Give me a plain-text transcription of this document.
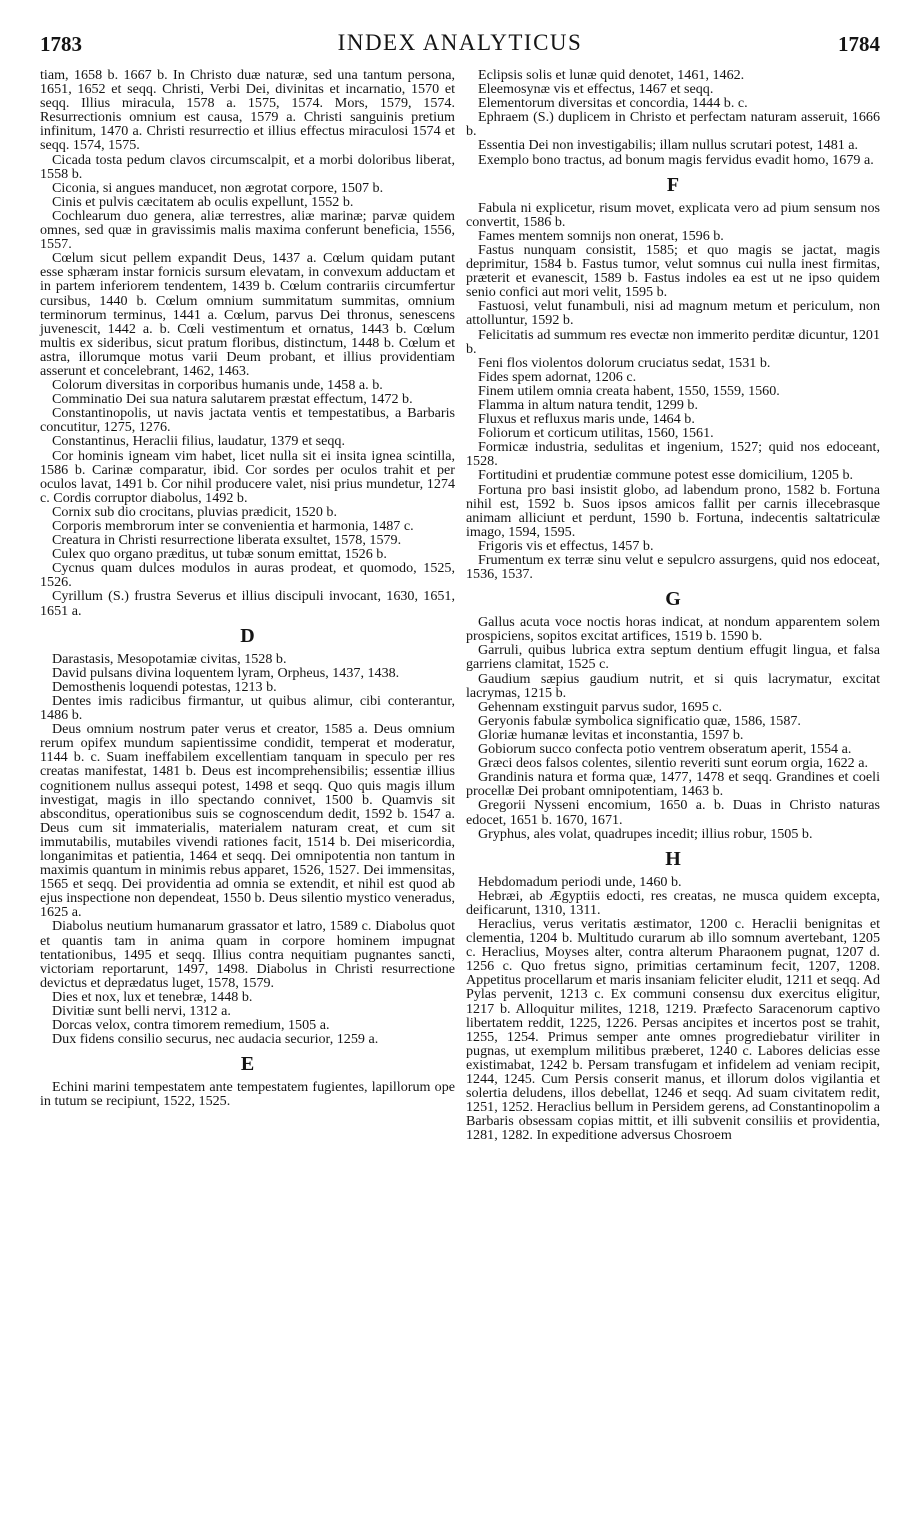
1783	INDEX ANALYTICUS	1784
tiam, 1658 b. 1667 b. In Christo duæ naturæ, sed una tantum persona, 1651, 1652 et seqq. Christi, Verbi Dei, divinitas et incarnatio, 1570 et seqq. Illius miracula, 1578 a. 1575, 1574. Mors, 1579, 1574. Resurrectionis omnium est causa, 1579 a. Christi sanguinis pretium infinitum, 1470 a. Christi resurrectio et illius effectus miraculosi 1574 et seqq. 1574, 1575.
Cicada tosta pedum clavos circumscalpit, et a morbi doloribus liberat, 1558 b.
Ciconia, si angues manducet, non ægrotat corpore, 1507 b.
Cinis et pulvis cæcitatem ab oculis expellunt, 1552 b.
Cochlearum duo genera, aliæ terrestres, aliæ marinæ; parvæ quidem omnes, sed quæ in gravissimis malis maxima conferunt beneficia, 1556, 1557.
Cœlum sicut pellem expandit Deus, 1437 a. Cœlum quidam putant esse sphæram instar fornicis sursum elevatam, in convexum adductam et in partem inferiorem tendentem, 1439 b. Cœlum contrariis circumfertur cursibus, 1440 b. Cœlum omnium summitatum summitas, omnium terminorum terminus, 1441 a. Cœlum, parvus Dei thronus, senescens juvenescit, 1442 a. b. Cœli vestimentum et ornatus, 1443 b. Cœlum multis ex sideribus, sicut pratum floribus, distinctum, 1448 b. Cœlum et astra, illorumque motus varii Deum probant, et illius providentiam asserunt et concelebrant, 1462, 1463.
Colorum diversitas in corporibus humanis unde, 1458 a. b.
Comminatio Dei sua natura salutarem præstat effectum, 1472 b.
Constantinopolis, ut navis jactata ventis et tempestatibus, a Barbaris concutitur, 1275, 1276.
Constantinus, Heraclii filius, laudatur, 1379 et seqq.
Cor hominis igneam vim habet, licet nulla sit ei insita ignea scintilla, 1586 b. Carinæ comparatur, ibid. Cor sordes per oculos trahit et per oculos lavat, 1491 b. Cor nihil producere valet, nisi prius mundetur, 1274 c. Cordis corruptor diabolus, 1492 b.
Cornix sub dio crocitans, pluvias prædicit, 1520 b.
Corporis membrorum inter se convenientia et harmonia, 1487 c.
Creatura in Christi resurrectione liberata exsultet, 1578, 1579.
Culex quo organo præditus, ut tubæ sonum emittat, 1526 b.
Cycnus quam dulces modulos in auras prodeat, et quomodo, 1525, 1526.
Cyrillum (S.) frustra Severus et illius discipuli invocant, 1630, 1651, 1651 a.
D
Darastasis, Mesopotamiæ civitas, 1528 b.
David pulsans divina loquentem lyram, Orpheus, 1437, 1438.
Demosthenis loquendi potestas, 1213 b.
Dentes imis radicibus firmantur, ut quibus alimur, cibi conterantur, 1486 b.
Deus omnium nostrum pater verus et creator, 1585 a. Deus omnium rerum opifex mundum sapientissime condidit, temperat et moderatur, 1144 b. c. Suam ineffabilem excellentiam tanquam in speculo per res creatas manifestat, 1481 b. Deus est incomprehensibilis; essentiæ illius cognitionem nullus assequi potest, 1498 et seqq. Quo quis magis illum investigat, magis in illo spectando connivet, 1500 b. Quamvis sit absconditus, operationibus suis se cognoscendum dedit, 1592 b. 1547 a. Deus cum sit immaterialis, materialem naturam creat, et cum sit immutabilis, mutabiles vivendi rationes facit, 1514 b. Dei misericordia, longanimitas et patientia, 1464 et seqq. Dei omnipotentia non tantum in maximis quantum in minimis rebus apparet, 1526, 1527. Dei immensitas, 1565 et seqq. Dei providentia ad omnia se extendit, et nihil est quod ab ejus inspectione non dependeat, 1550 b. Deus silentio mystico veneradus, 1625 a.
Diabolus neutium humanarum grassator et latro, 1589 c. Diabolus quot et quantis tam in anima quam in corpore hominem impugnat tentationibus, 1495 et seqq. Illius contra nequitiam pugnantes sancti, victoriam reportarunt, 1497, 1498. Diabolus in Christi resurrectione devictus et deprædatus luget, 1578, 1579.
Dies et nox, lux et tenebræ, 1448 b.
Divitiæ sunt belli nervi, 1312 a.
Dorcas velox, contra timorem remedium, 1505 a.
Dux fidens consilio securus, nec audacia securior, 1259 a.
E
Echini marini tempestatem ante tempestatem fugientes, lapillorum ope in tutum se recipiunt, 1522, 1525.
Eclipsis solis et lunæ quid denotet, 1461, 1462.
Eleemosynæ vis et effectus, 1467 et seqq.
Elementorum diversitas et concordia, 1444 b. c.
Ephraem (S.) duplicem in Christo et perfectam naturam asseruit, 1666 b.
Essentia Dei non investigabilis; illam nullus scrutari potest, 1481 a.
Exemplo bono tractus, ad bonum magis fervidus evadit homo, 1679 a.
F
Fabula ni explicetur, risum movet, explicata vero ad pium sensum nos convertit, 1586 b.
Fames mentem somnijs non onerat, 1596 b.
Fastus nunquam consistit, 1585; et quo magis se jactat, magis deprimitur, 1584 b. Fastus tumor, velut somnus cui nulla inest firmitas, præterit et evanescit, 1589 b. Fastus indoles ea est ut ne ipso quidem senio confici aut mori velit, 1595 b.
Fastuosi, velut funambuli, nisi ad magnum metum et periculum, non attolluntur, 1592 b.
Felicitatis ad summum res evectæ non immerito perditæ dicuntur, 1201 b.
Feni flos violentos dolorum cruciatus sedat, 1531 b.
Fides spem adornat, 1206 c.
Finem utilem omnia creata habent, 1550, 1559, 1560.
Flamma in altum natura tendit, 1299 b.
Fluxus et refluxus maris unde, 1464 b.
Foliorum et corticum utilitas, 1560, 1561.
Formicæ industria, sedulitas et ingenium, 1527; quid nos edoceant, 1528.
Fortitudini et prudentiæ commune potest esse domicilium, 1205 b.
Fortuna pro basi insistit globo, ad labendum prono, 1582 b. Fortuna nihil est, 1592 b. Suos ipsos amicos fallit per carnis illecebrasque animam alliciunt et perdunt, 1590 b. Fortuna, indecentis saltatriculæ imago, 1594, 1595.
Frigoris vis et effectus, 1457 b.
Frumentum ex terræ sinu velut e sepulcro assurgens, quid nos edoceat, 1536, 1537.
G
Gallus acuta voce noctis horas indicat, at nondum apparentem solem prospiciens, sopitos excitat artifices, 1519 b. 1590 b.
Garruli, quibus lubrica extra septum dentium effugit lingua, et falsa garriens clamitat, 1525 c.
Gaudium sæpius gaudium nutrit, et si quis lacrymatur, excitat lacrymas, 1215 b.
Gehennam exstinguit parvus sudor, 1695 c.
Geryonis fabulæ symbolica significatio quæ, 1586, 1587.
Gloriæ humanæ levitas et inconstantia, 1597 b.
Gobiorum succo confecta potio ventrem obseratum aperit, 1554 a.
Græci deos falsos colentes, silentio reveriti sunt eorum orgia, 1622 a.
Grandinis natura et forma quæ, 1477, 1478 et seqq. Grandines et coeli procellæ Dei probant omnipotentiam, 1463 b.
Gregorii Nysseni encomium, 1650 a. b. Duas in Christo naturas edocet, 1651 b. 1670, 1671.
Gryphus, ales volat, quadrupes incedit; illius robur, 1505 b.
H
Hebdomadum periodi unde, 1460 b.
Hebræi, ab Ægyptiis edocti, res creatas, ne musca quidem excepta, deificarunt, 1310, 1311.
Heraclius, verus veritatis æstimator, 1200 c. Heraclii benignitas et clementia, 1204 b. Multitudo curarum ab illo somnum avertebant, 1205 c. Heraclius, Moyses alter, contra alterum Pharaonem pugnat, 1207 d. 1256 c. Quo fretus signo, primitias certaminum fecit, 1207, 1208. Appetitus procellarum et maris insaniam feliciter eludit, 1211 et seqq. Ad Pylas pervenit, 1213 c. Ex communi consensu dux exercitus eligitur, 1217 b. Alloquitur milites, 1218, 1219. Præfecto Saracenorum captivo libertatem reddit, 1225, 1226. Persas ancipites et incertos post se trahit, 1255, 1254. Primus semper ante omnes progrediebatur viriliter in pugnas, ut exemplum militibus præberet, 1240 c. Labores delicias esse existimabat, 1242 b. Persam transfugam et infidelem ad veniam recipit, 1244, 1245. Cum Persis conserit manus, et illorum dolos vigilantia et solertia deludens, illos debellat, 1246 et seqq. Ad suam civitatem redit, 1251, 1252. Heraclius bellum in Persidem gerens, ad Constantinopolim a Barbaris obsessam copias mittit, et illi subvenit consiliis et providentia, 1281, 1282. In expeditione adversus Chosroem
